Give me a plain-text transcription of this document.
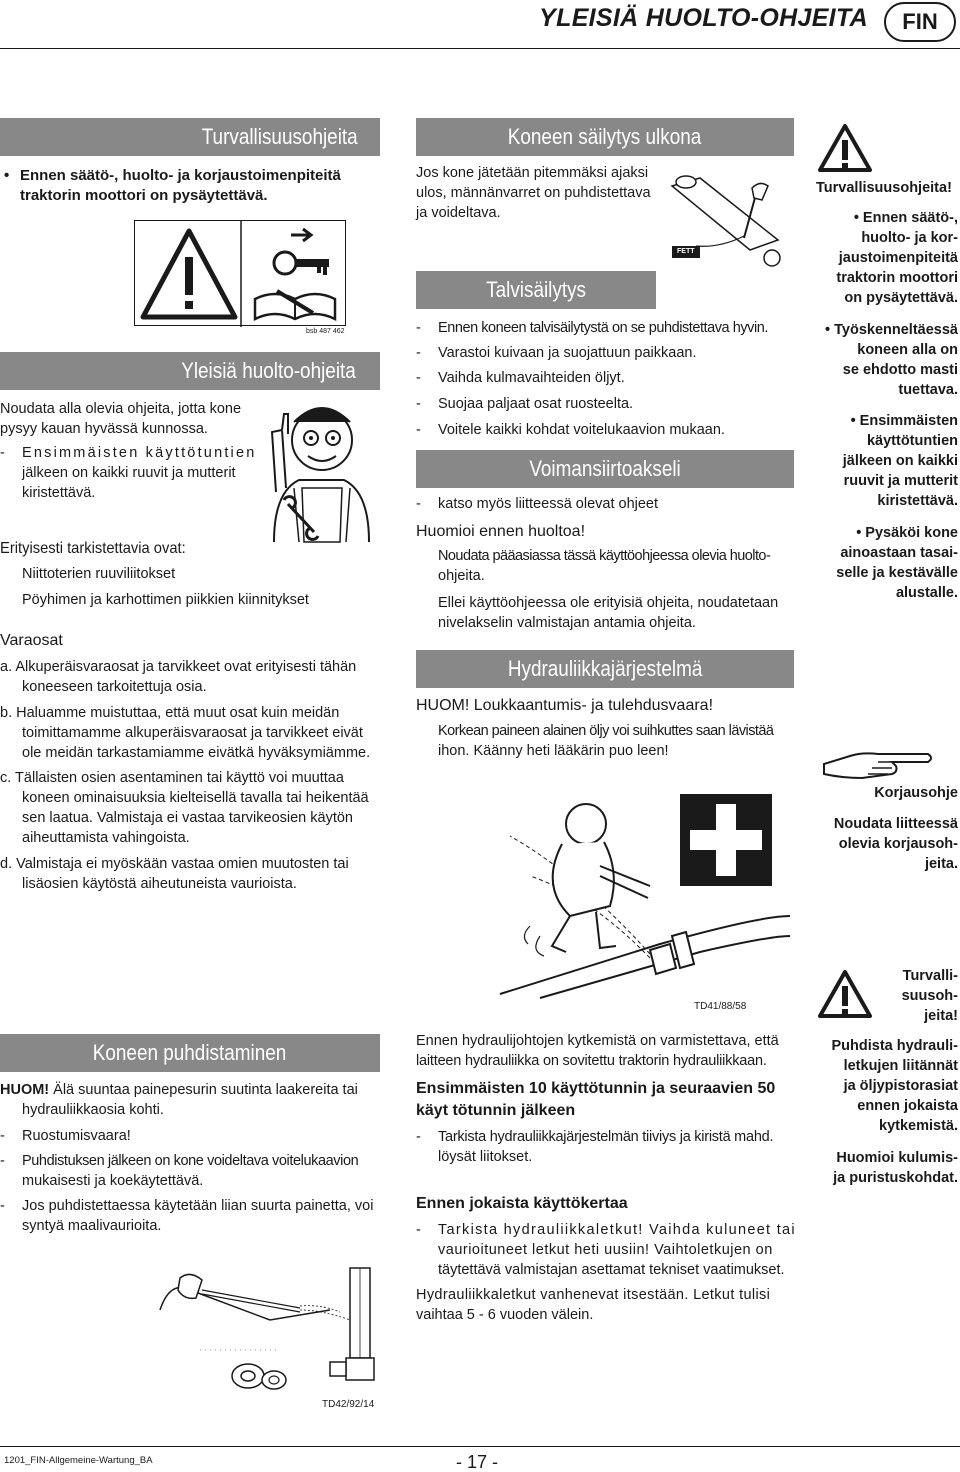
YLEISIÄ HUOLTO-OHJEITA	FIN
Turvallisuusohjeita
• Ennen säätö-, huolto- ja korjaustoimenpiteitä
traktorin moottori on pysäytettävä.
bsb 487 462
Yleisiä huolto-ohjeita
Noudata alla olevia ohjeita, jotta kone
pysyy kauan hyvässä kunnossa.
- Ensimmäisten käyttötuntien
jälkeen on kaikki ruuvit ja mutterit
kiristettävä.
Erityisesti tarkistettavia ovat:
Niittoterien ruuviliitokset
Pöyhimen ja karhottimen piikkien kiinnitykset
Varaosat
a. Alkuperäisvaraosat ja tarvikkeet ovat erityisesti tähän
koneeseen tarkoitettuja osia.
b. Haluamme muistuttaa, että muut osat kuin meidän
toimittamamme alkuperäisvaraosat ja tarvikkeet eivät
ole meidän tarkastamiamme eivätkä hyväksymiämme.
c. Tällaisten osien asentaminen tai käyttö voi muuttaa
koneen ominaisuuksia kielteisellä tavalla tai heikentää
sen laatua. Valmistaja ei vastaa tarvikeosien käytön
aiheuttamista vahingoista.
d. Valmistaja ei myöskään vastaa omien muutosten tai
lisäosien käytöstä aiheutuneista vaurioista.
Koneen puhdistaminen
HUOM! Älä suuntaa painepesurin suutinta laakereita tai
hydrauliikkaosia kohti.
- Ruostumisvaara!
- Puhdistuksen jälkeen on kone voideltava voitelukaavion
mukaisesti ja koekäytettävä.
- Jos puhdistettaessa käytetään liian suurta painetta, voi
syntyä maalivaurioita.
TD42/92/14
Koneen säilytys ulkona
Jos kone jätetään pitemmäksi ajaksi
ulos, männänvarret on puhdistettava
ja voideltava.
FETT
Talvisäilytys
- Ennen koneen talvisäilytystä on se puhdistettava hyvin.
- Varastoi kuivaan ja suojattuun paikkaan.
- Vaihda kulmavaihteiden öljyt.
- Suojaa paljaat osat ruosteelta.
- Voitele kaikki kohdat voitelukaavion mukaan.
Voimansiirtoakseli
- katso myös liitteessä olevat ohjeet
Huomioi ennen huoltoa!
Noudata pääasiassa tässä käyttöohjeessa olevia huolto-
ohjeita.
Ellei käyttöohjeessa ole erityisiä ohjeita, noudatetaan
nivelakselin valmistajan antamia ohjeita.
Hydrauliikkajärjestelmä
HUOM! Loukkaantumis- ja tulehdusvaara!
Korkean paineen alainen öljy voi suihkuttes saan lävistää
ihon. Käänny heti lääkärin puo leen!
TD41/88/58
Ennen hydraulijohtojen kytkemistä on varmistettava, että
laitteen hydrauliikka on sovitettu traktorin hydrauliikkaan.
Ensimmäisten 10 käyttötunnin ja seuraavien 50
käyt tötunnin jälkeen
- Tarkista hydrauliikkajärjestelmän tiiviys ja kiristä mahd.
löysät liitokset.
Ennen jokaista käyttökertaa
- Tarkista hydrauliikkaletkut! Vaihda kuluneet tai
vaurioituneet letkut heti uusiin! Vaihtoletkujen on
täytettävä valmistajan asettamat tekniset vaatimukset.
Hydrauliikkaletkut vanhenevat itsestään. Letkut tulisi
vaihtaa 5 - 6 vuoden välein.
Turvallisuusohjeita!
• Ennen säätö-,
huolto- ja kor-
jaustoimenpiteitä
traktorin moottori
on pysäytettävä.
• Työskenneltäessä
koneen alla on
se ehdotto masti
tuettava.
• Ensimmäisten
käyttötuntien
jälkeen on kaikki
ruuvit ja mutterit
kiristettävä.
• Pysäköi kone
ainoastaan tasai-
selle ja kestävälle
alustalle.
Korjausohje
Noudata liitteessä
olevia korjausoh-
jeita.
Turvalli-
suusoh-
jeita!
Puhdista hydrauli-
letkujen liitännät
ja öljypistorasiat
ennen jokaista
kytkemistä.
Huomioi kulumis-
ja puristuskohdat.
1201_FIN-Allgemeine-Wartung_BA	- 17 -
